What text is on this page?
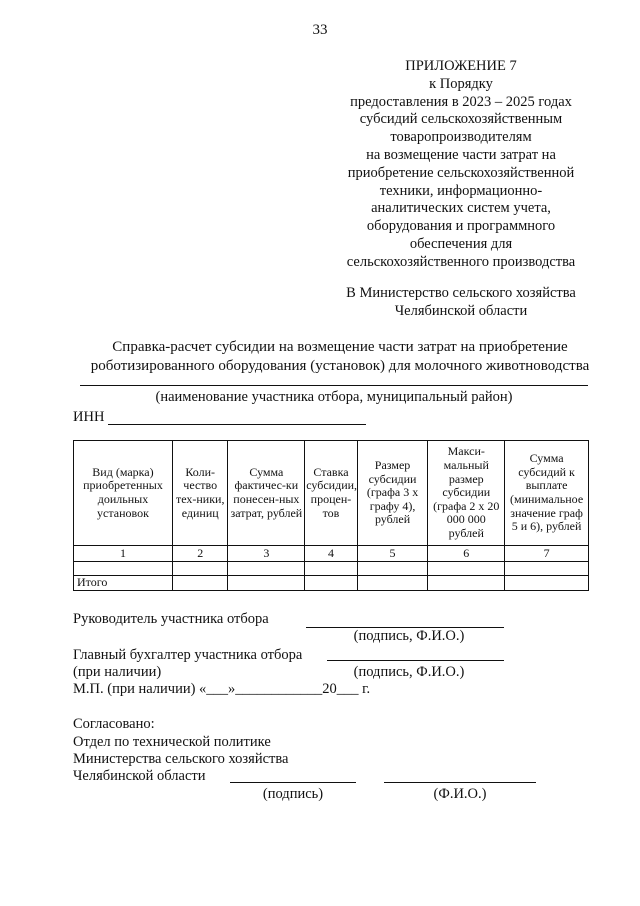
33
ПРИЛОЖЕНИЕ 7
к Порядку
предоставления в 2023 – 2025 годах
субсидий сельскохозяйственным
товаропроизводителям
на возмещение части затрат на
приобретение сельскохозяйственной
техники, информационно-
аналитических систем учета,
оборудования и программного
обеспечения для
сельскохозяйственного производства
В Министерство сельского хозяйства
Челябинской области
Справка-расчет субсидии на возмещение части затрат на приобретение
роботизированного оборудования (установок) для молочного животноводства
(наименование участника отбора, муниципальный район)
ИНН
Вид (марка) приобретенных доильных установок	Коли-чество тех-ники, единиц	Сумма фактичес-ки понесен-ных затрат, рублей	Ставка субсидии, процен-тов	Размер субсидии (графа 3 х графу 4), рублей	Макси-мальный размер субсидии (графа 2 х 20 000 000 рублей	Сумма субсидий к выплате (минимальное значение граф 5 и 6), рублей
1	2	3	4	5	6	7

Итого						
Руководитель участника отбора
(подпись, Ф.И.О.)
Главный бухгалтер участника отбора
(при наличии)	(подпись, Ф.И.О.)
М.П. (при наличии) «___»____________20___ г.
Согласовано:
Отдел по технической политике
Министерства сельского хозяйства
Челябинской области
(подпись)	(Ф.И.О.)
